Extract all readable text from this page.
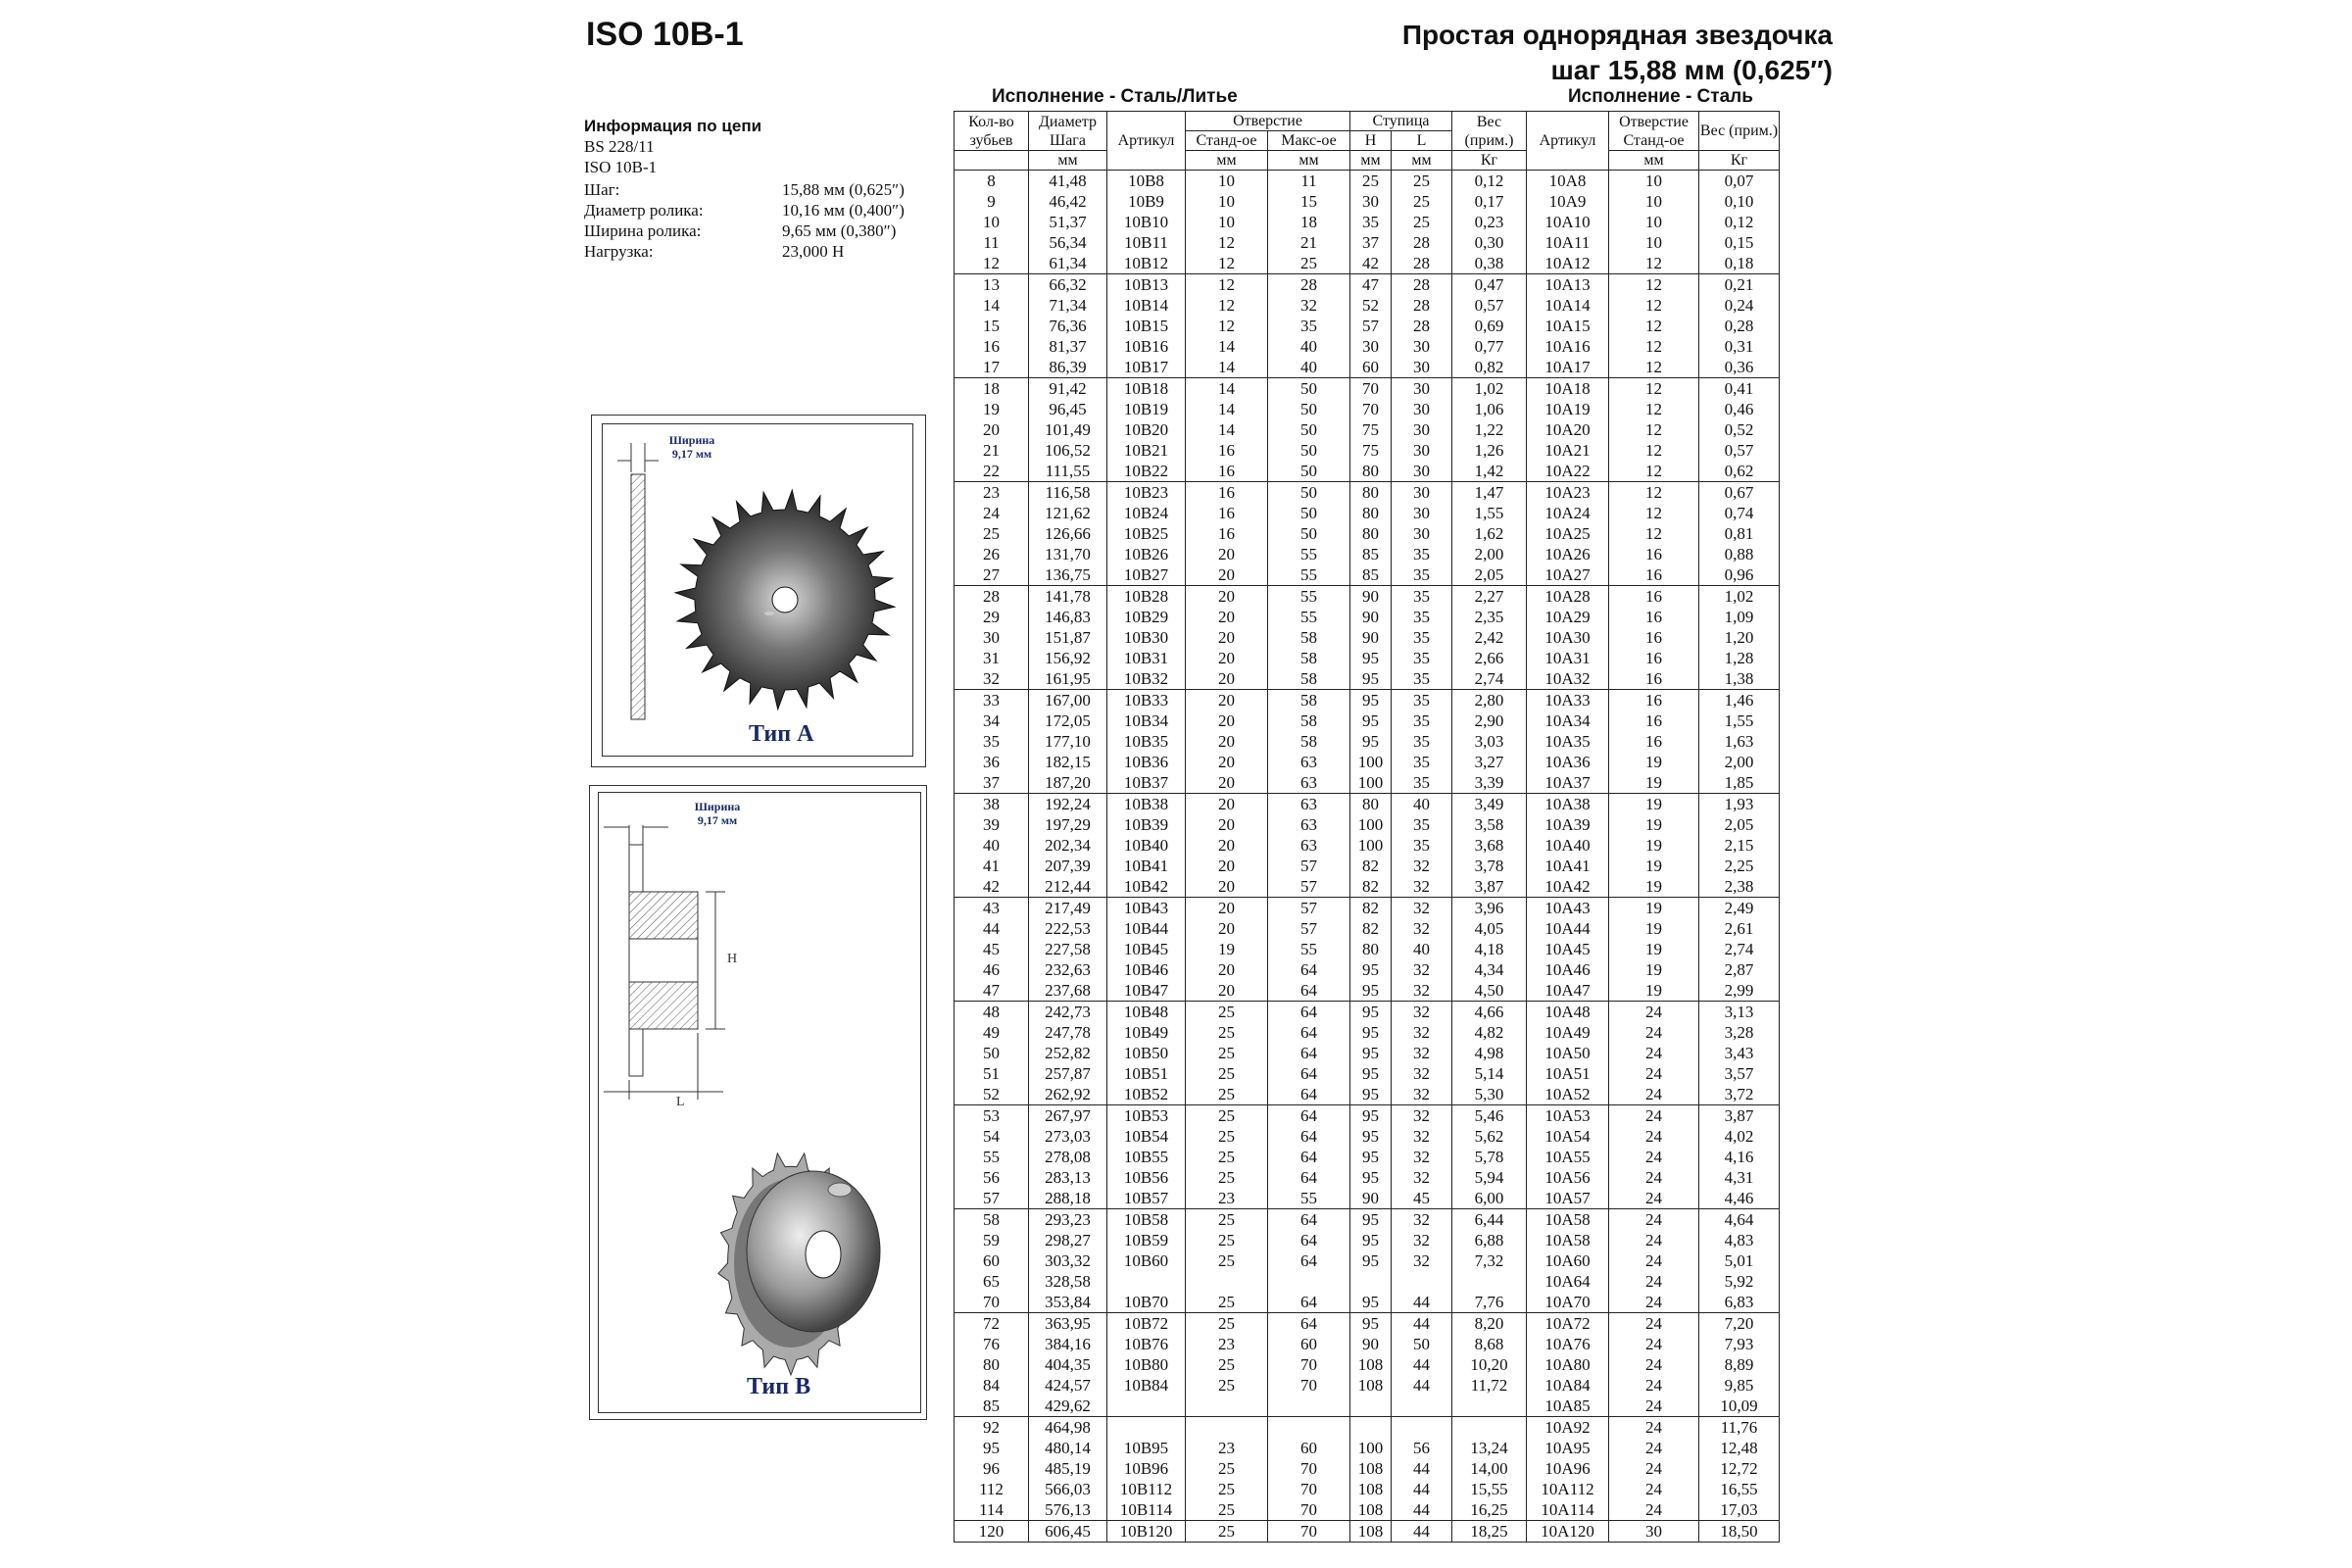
ISO 10B-1	Простая однорядная звездочка
шаг 15,88 мм (0,625″)
Исполнение - Сталь/Литье	Исполнение - Сталь
Информация по цепи
BS 228/11
ISO 10B-1
Шаг:	15,88 мм (0,625″)
Диаметр ролика:	10,16 мм (0,400″)
Ширина ролика:	9,65 мм (0,380″)
Нагрузка:	23,000 Н
Ширина
9,17 мм
Тип А
Ширина
9,17 мм
H
L
Тип В
Кол-во зубьев	Диаметр Шага	Артикул	Отверстие		Ступица		Вес (прим.)	Артикул	Отверстие Станд-ое	Вес (прим.)
			Станд-ое	Макс-ое	H	L				
	мм		мм	мм	мм	мм	Кг		мм	Кг
8	41,48	10B8	10	11	25	25	0,12	10A8	10	0,07
9	46,42	10B9	10	15	30	25	0,17	10A9	10	0,10
10	51,37	10B10	10	18	35	25	0,23	10A10	10	0,12
11	56,34	10B11	12	21	37	28	0,30	10A11	10	0,15
12	61,34	10B12	12	25	42	28	0,38	10A12	12	0,18
13	66,32	10B13	12	28	47	28	0,47	10A13	12	0,21
14	71,34	10B14	12	32	52	28	0,57	10A14	12	0,24
15	76,36	10B15	12	35	57	28	0,69	10A15	12	0,28
16	81,37	10B16	14	40	30	30	0,77	10A16	12	0,31
17	86,39	10B17	14	40	60	30	0,82	10A17	12	0,36
18	91,42	10B18	14	50	70	30	1,02	10A18	12	0,41
19	96,45	10B19	14	50	70	30	1,06	10A19	12	0,46
20	101,49	10B20	14	50	75	30	1,22	10A20	12	0,52
21	106,52	10B21	16	50	75	30	1,26	10A21	12	0,57
22	111,55	10B22	16	50	80	30	1,42	10A22	12	0,62
23	116,58	10B23	16	50	80	30	1,47	10A23	12	0,67
24	121,62	10B24	16	50	80	30	1,55	10A24	12	0,74
25	126,66	10B25	16	50	80	30	1,62	10A25	12	0,81
26	131,70	10B26	20	55	85	35	2,00	10A26	16	0,88
27	136,75	10B27	20	55	85	35	2,05	10A27	16	0,96
28	141,78	10B28	20	55	90	35	2,27	10A28	16	1,02
29	146,83	10B29	20	55	90	35	2,35	10A29	16	1,09
30	151,87	10B30	20	58	90	35	2,42	10A30	16	1,20
31	156,92	10B31	20	58	95	35	2,66	10A31	16	1,28
32	161,95	10B32	20	58	95	35	2,74	10A32	16	1,38
33	167,00	10B33	20	58	95	35	2,80	10A33	16	1,46
34	172,05	10B34	20	58	95	35	2,90	10A34	16	1,55
35	177,10	10B35	20	58	95	35	3,03	10A35	16	1,63
36	182,15	10B36	20	63	100	35	3,27	10A36	19	2,00
37	187,20	10B37	20	63	100	35	3,39	10A37	19	1,85
38	192,24	10B38	20	63	80	40	3,49	10A38	19	1,93
39	197,29	10B39	20	63	100	35	3,58	10A39	19	2,05
40	202,34	10B40	20	63	100	35	3,68	10A40	19	2,15
41	207,39	10B41	20	57	82	32	3,78	10A41	19	2,25
42	212,44	10B42	20	57	82	32	3,87	10A42	19	2,38
43	217,49	10B43	20	57	82	32	3,96	10A43	19	2,49
44	222,53	10B44	20	57	82	32	4,05	10A44	19	2,61
45	227,58	10B45	19	55	80	40	4,18	10A45	19	2,74
46	232,63	10B46	20	64	95	32	4,34	10A46	19	2,87
47	237,68	10B47	20	64	95	32	4,50	10A47	19	2,99
48	242,73	10B48	25	64	95	32	4,66	10A48	24	3,13
49	247,78	10B49	25	64	95	32	4,82	10A49	24	3,28
50	252,82	10B50	25	64	95	32	4,98	10A50	24	3,43
51	257,87	10B51	25	64	95	32	5,14	10A51	24	3,57
52	262,92	10B52	25	64	95	32	5,30	10A52	24	3,72
53	267,97	10B53	25	64	95	32	5,46	10A53	24	3,87
54	273,03	10B54	25	64	95	32	5,62	10A54	24	4,02
55	278,08	10B55	25	64	95	32	5,78	10A55	24	4,16
56	283,13	10B56	25	64	95	32	5,94	10A56	24	4,31
57	288,18	10B57	23	55	90	45	6,00	10A57	24	4,46
58	293,23	10B58	25	64	95	32	6,44	10A58	24	4,64
59	298,27	10B59	25	64	95	32	6,88	10A58	24	4,83
60	303,32	10B60	25	64	95	32	7,32	10A60	24	5,01
65	328,58							10A64	24	5,92
70	353,84	10B70	25	64	95	44	7,76	10A70	24	6,83
72	363,95	10B72	25	64	95	44	8,20	10A72	24	7,20
76	384,16	10B76	23	60	90	50	8,68	10A76	24	7,93
80	404,35	10B80	25	70	108	44	10,20	10A80	24	8,89
84	424,57	10B84	25	70	108	44	11,72	10A84	24	9,85
85	429,62							10A85	24	10,09
92	464,98							10A92	24	11,76
95	480,14	10B95	23	60	100	56	13,24	10A95	24	12,48
96	485,19	10B96	25	70	108	44	14,00	10A96	24	12,72
112	566,03	10B112	25	70	108	44	15,55	10A112	24	16,55
114	576,13	10B114	25	70	108	44	16,25	10A114	24	17,03
120	606,45	10B120	25	70	108	44	18,25	10A120	30	18,50
